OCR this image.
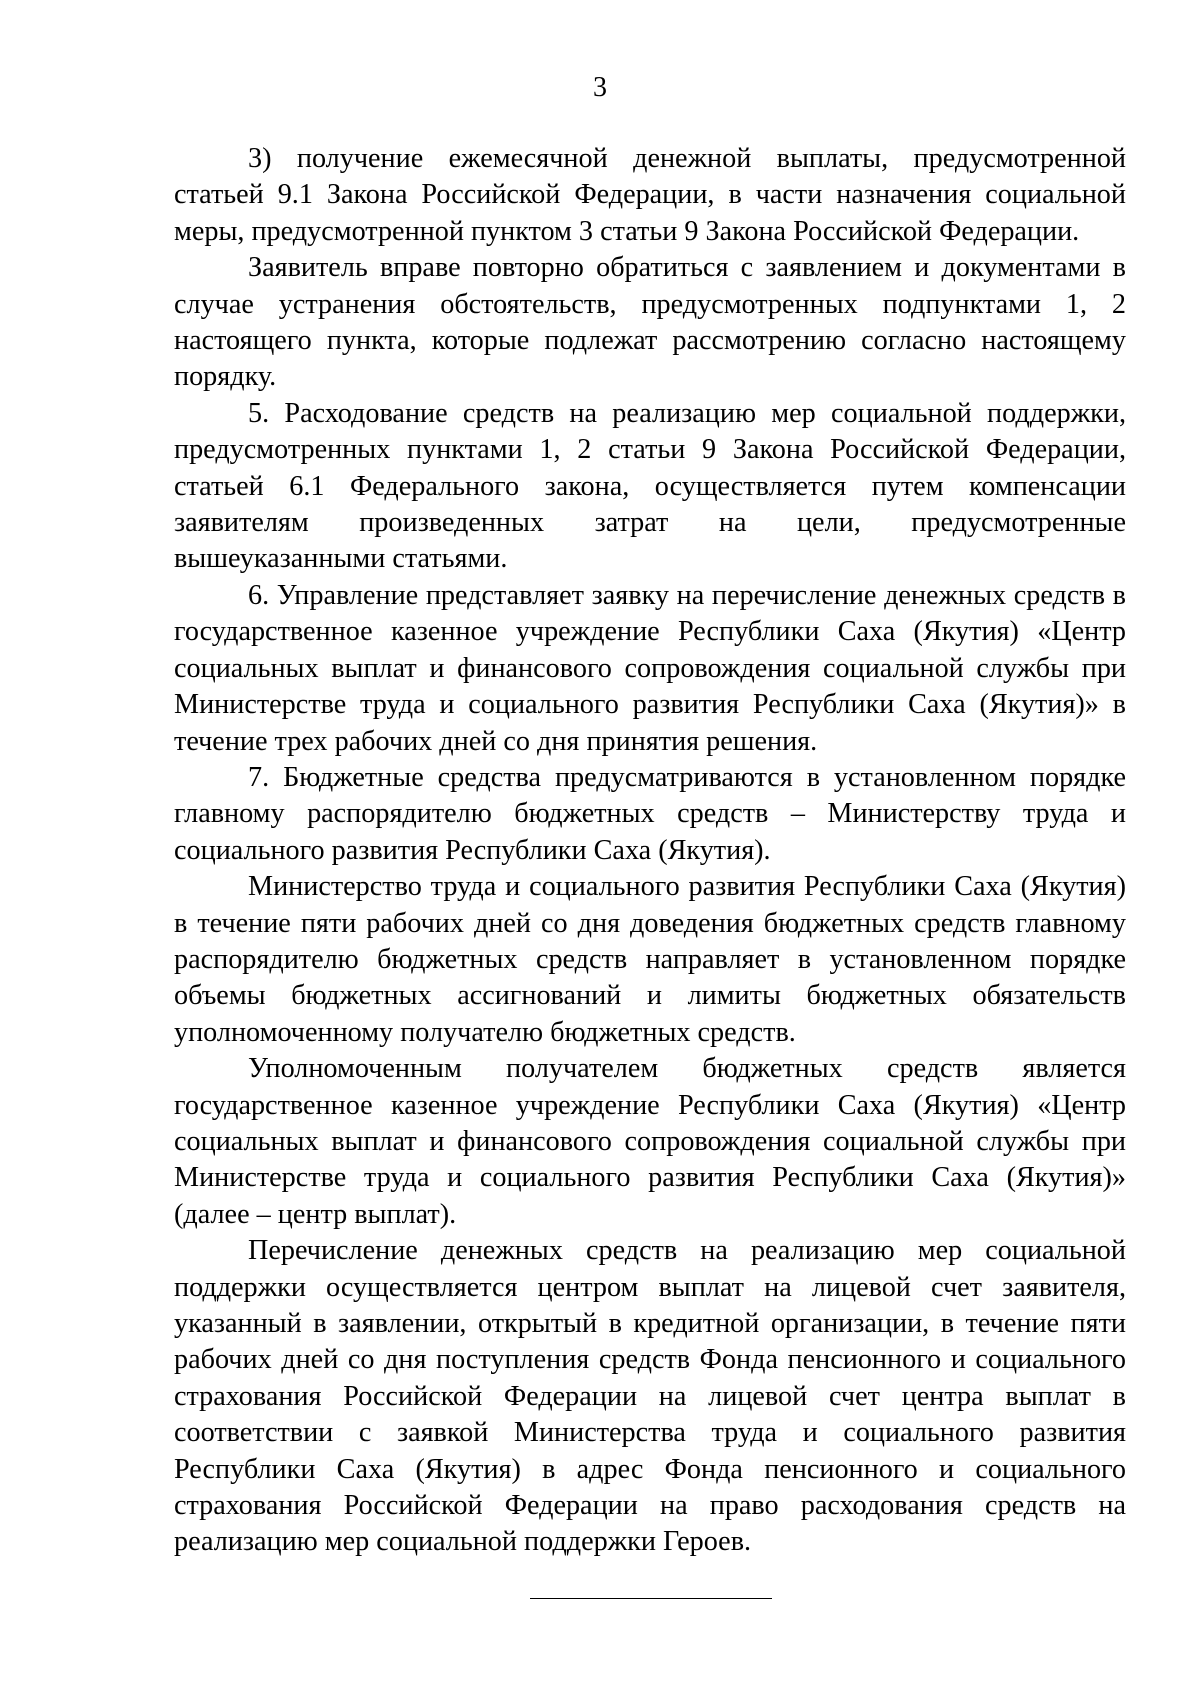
3

3) получение ежемесячной денежной выплаты, предусмотренной статьей 9.1 Закона Российской Федерации, в части назначения социальной меры, предусмотренной пунктом 3 статьи 9 Закона Российской Федерации.

Заявитель вправе повторно обратиться с заявлением и документами в случае устранения обстоятельств, предусмотренных подпунктами 1, 2 настоящего пункта, которые подлежат рассмотрению согласно настоящему порядку.

5. Расходование средств на реализацию мер социальной поддержки, предусмотренных пунктами 1, 2 статьи 9 Закона Российской Федерации, статьей 6.1 Федерального закона, осуществляется путем компенсации заявителям произведенных затрат на цели, предусмотренные вышеуказанными статьями.

6. Управление представляет заявку на перечисление денежных средств в государственное казенное учреждение Республики Саха (Якутия) «Центр социальных выплат и финансового сопровождения социальной службы при Министерстве труда и социального развития Республики Саха (Якутия)» в течение трех рабочих дней со дня принятия решения.

7. Бюджетные средства предусматриваются в установленном порядке главному распорядителю бюджетных средств – Министерству труда и социального развития Республики Саха (Якутия).

Министерство труда и социального развития Республики Саха (Якутия) в течение пяти рабочих дней со дня доведения бюджетных средств главному распорядителю бюджетных средств направляет в установленном порядке объемы бюджетных ассигнований и лимиты бюджетных обязательств уполномоченному получателю бюджетных средств.

Уполномоченным получателем бюджетных средств является государственное казенное учреждение Республики Саха (Якутия) «Центр социальных выплат и финансового сопровождения социальной службы при Министерстве труда и социального развития Республики Саха (Якутия)» (далее – центр выплат).

Перечисление денежных средств на реализацию мер социальной поддержки осуществляется центром выплат на лицевой счет заявителя, указанный в заявлении, открытый в кредитной организации, в течение пяти рабочих дней со дня поступления средств Фонда пенсионного и социального страхования Российской Федерации на лицевой счет центра выплат в соответствии с заявкой Министерства труда и социального развития Республики Саха (Якутия) в адрес Фонда пенсионного и социального страхования Российской Федерации на право расходования средств на реализацию мер социальной поддержки Героев.
